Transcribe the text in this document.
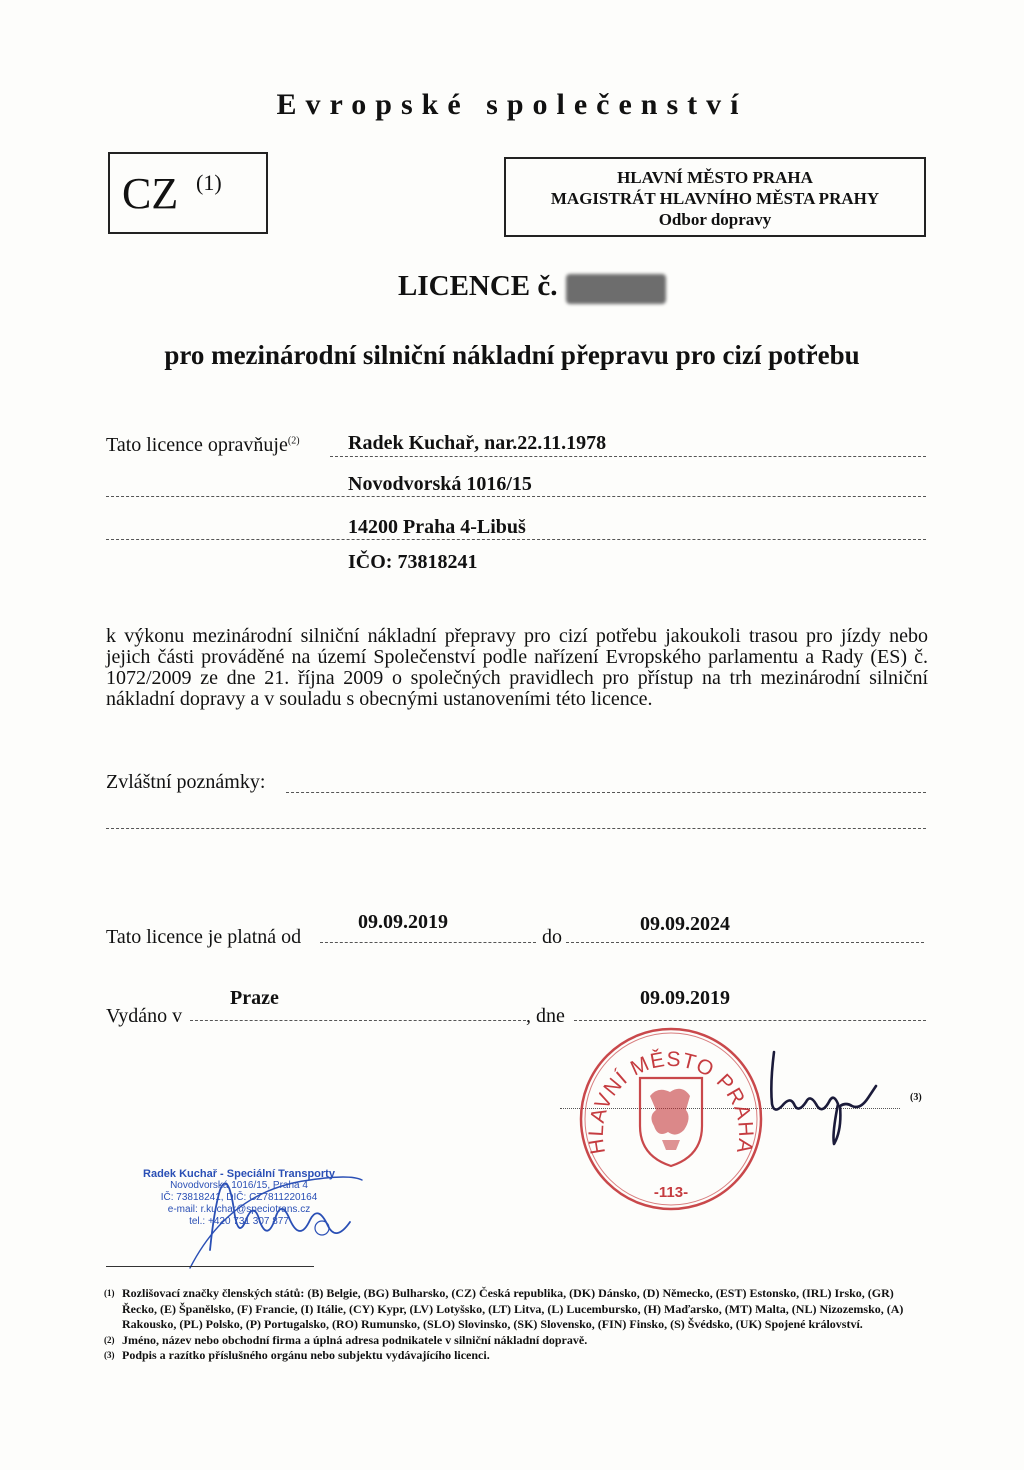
Evropské společenství
CZ (1)	HLAVNÍ MĚSTO PRAHA
MAGISTRÁT HLAVNÍHO MĚSTA PRAHY
Odbor dopravy
LICENCE č.
pro mezinárodní silniční nákladní přepravu pro cizí potřebu
Tato licence opravňuje$^{(2)}$ Radek Kuchař, nar.22.11.1978
Novodvorská 1016/15
14200 Praha 4-Libuš
IČO: 73818241
k výkonu mezinárodní silniční nákladní přepravy pro cizí potřebu jakoukoli trasou pro jízdy nebo jejich části prováděné na území Společenství podle nařízení Evropského parlamentu a Rady (ES) č. 1072/2009 ze dne 21. října 2009 o společných pravidlech pro přístup na trh mezinárodní silniční nákladní dopravy a v souladu s obecnými ustanoveními této licence.
Zvláštní poznámky:
Tato licence je platná od
09.09.2019
do
09.09.2024
Vydáno v
Praze
, dne
09.09.2019
(3)
HLAVNÍ MĚSTO PRAHA
-113-
Radek Kuchař - Speciální Transporty
Novodvorská 1016/15, Praha 4
IČ: 73818241, DIČ: CZ7811220164
e-mail: r.kuchar@speciotrans.cz
tel.: +420 731 307 877
(1) Rozlišovací značky členských států: (B) Belgie, (BG) Bulharsko, (CZ) Česká republika, (DK) Dánsko, (D) Německo, (EST) Estonsko, (IRL) Irsko, (GR) Řecko, (E) Španělsko, (F) Francie, (I) Itálie, (CY) Kypr, (LV) Lotyšsko, (LT) Litva, (L) Lucembursko, (H) Maďarsko, (MT) Malta, (NL) Nizozemsko, (A) Rakousko, (PL) Polsko, (P) Portugalsko, (RO) Rumunsko, (SLO) Slovinsko, (SK) Slovensko, (FIN) Finsko, (S) Švédsko, (UK) Spojené království.
(2) Jméno, název nebo obchodní firma a úplná adresa podnikatele v silniční nákladní dopravě.
(3) Podpis a razítko příslušného orgánu nebo subjektu vydávajícího licenci.
